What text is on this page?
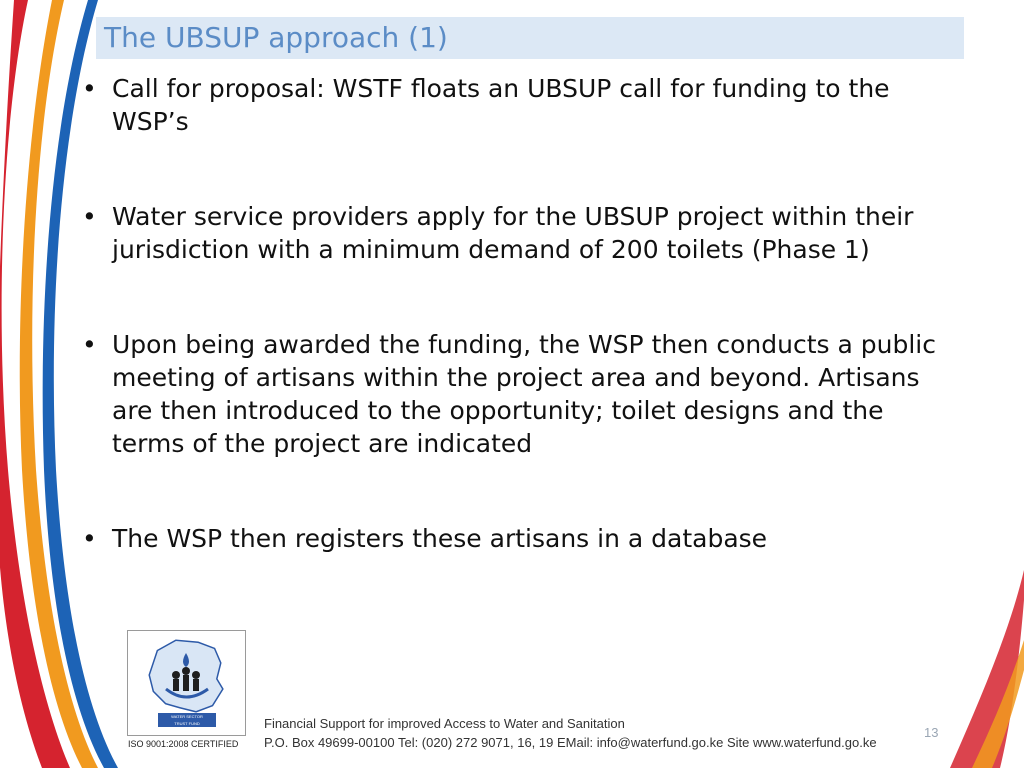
The UBSUP approach (1)
• Call for proposal: WSTF floats an UBSUP call for funding to the WSP’s
• Water service providers apply for the UBSUP project within their jurisdiction with a minimum demand of 200 toilets (Phase 1)
• Upon being awarded the funding, the WSP then conducts a public meeting of artisans within the project area and beyond. Artisans are then introduced to the opportunity; toilet designs and the terms of the project are indicated
• The WSP then registers these artisans in a database
WATER SECTOR
TRUST FUND
ISO 9001:2008 CERTIFIED
Financial Support for improved Access to Water and Sanitation
P.O. Box 49699-00100 Tel: (020) 272 9071, 16, 19 EMail: info@waterfund.go.ke Site www.waterfund.go.ke
13
